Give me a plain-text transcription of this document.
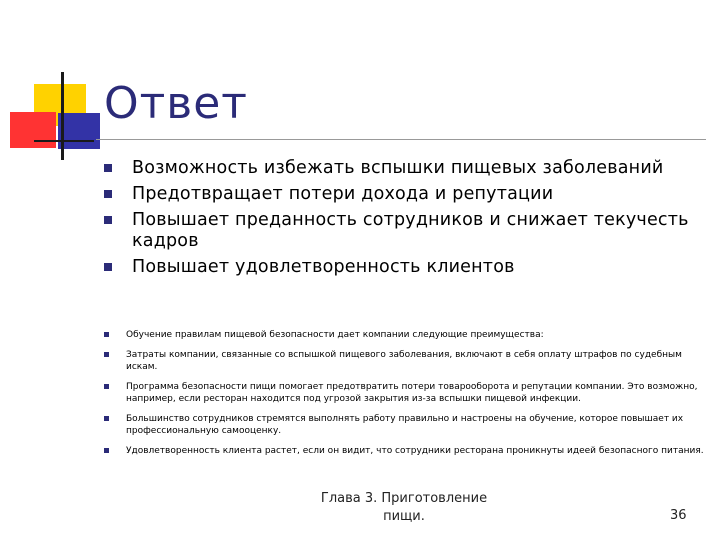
Ответ
Возможность избежать вспышки пищевых заболеваний
Предотвращает потери дохода и репутации
Повышает преданность сотрудников и снижает текучесть кадров
Повышает удовлетворенность клиентов
Обучение правилам пищевой безопасности дает компании следующие преимущества:
Затраты компании, связанные со вспышкой пищевого заболевания, включают в себя оплату штрафов по судебным искам.
Программа безопасности пищи помогает предотвратить потери товарооборота и репутации компании. Это возможно, например, если ресторан находится под угрозой закрытия из-за вспышки пищевой инфекции.
Большинство сотрудников стремятся выполнять работу правильно и настроены на обучение, которое повышает их профессиональную самооценку.
Удовлетворенность клиента растет, если он видит, что сотрудники ресторана проникнуты идеей безопасного питания.
Глава 3. Приготовление
пищи.	36
